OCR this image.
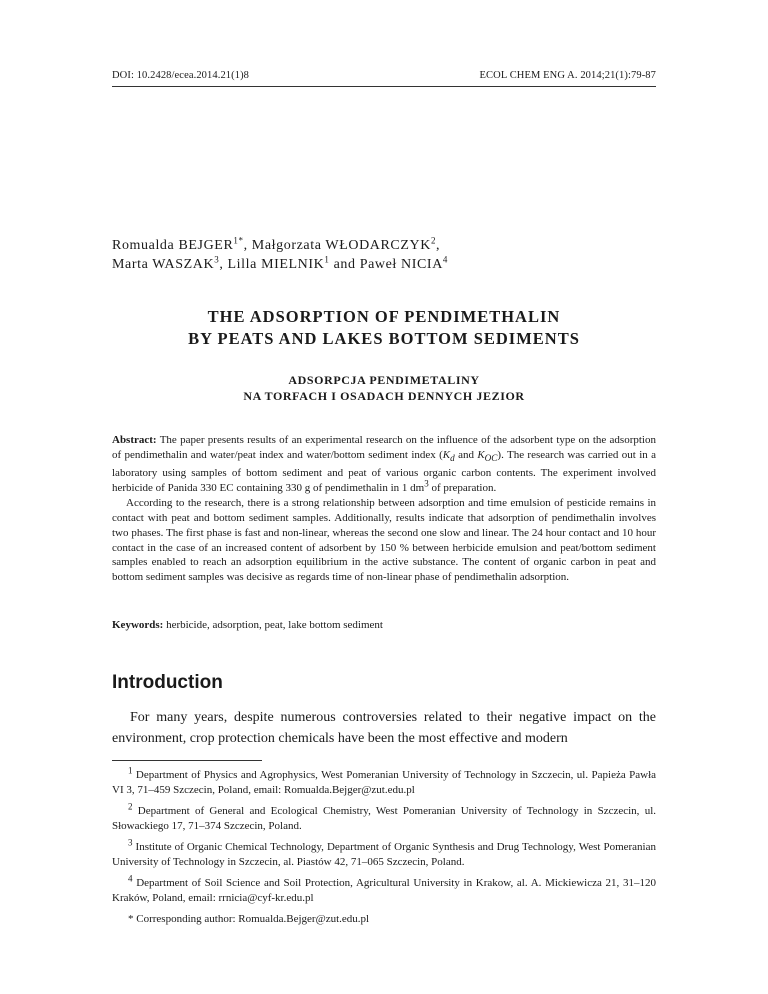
DOI: 10.2428/ecea.2014.21(1)8	ECOL CHEM ENG A. 2014;21(1):79-87
Romualda $BEJGER^{1*}$, Małgorzata WŁODARCZYK$^2$,
Marta WASZAK$^3$, Lilla MIELNIK$^1$ and Paweł NICIA$^4$
THE ADSORPTION OF PENDIMETHALIN
BY PEATS AND LAKES BOTTOM SEDIMENTS
ADSORPCJA PENDIMETALINY
NA TORFACH I OSADACH DENNYCH JEZIOR

Abstract: The paper presents results of an experimental research on the influence of the adsorbent type on the adsorption of pendimethalin and water/peat index and water/bottom sediment index ($K_d$ and $K_{OC}$). The research was carried out in a laboratory using samples of bottom sediment and peat of various organic carbon contents. The experiment involved herbicide of Panida 330 EC containing 330 g of pendimethalin in 1 $dm^3$ of preparation.

According to the research, there is a strong relationship between adsorption and time emulsion of pesticide remains in contact with peat and bottom sediment samples. Additionally, results indicate that adsorption of pendimethalin involves two phases. The first phase is fast and non-linear, whereas the second one slow and linear. The 24 hour contact and 10 hour contact in the case of an increased content of adsorbent by 150 % between herbicide emulsion and peat/bottom sediment samples enabled to reach an adsorption equilibrium in the active substance. The content of organic carbon in peat and bottom sediment samples was decisive as regards time of non-linear phase of pendimethalin adsorption.

Keywords: herbicide, adsorption, peat, lake bottom sediment
Introduction

For many years, despite numerous controversies related to their negative impact on the environment, crop protection chemicals have been the most effective and modern

$^1$ Department of Physics and Agrophysics, West Pomeranian University of Technology in Szczecin, ul. Papieża Pawła VI 3, 71–459 Szczecin, Poland, email: Romualda.Bejger@zut.edu.pl

$^2$ Department of General and Ecological Chemistry, West Pomeranian University of Technology in Szczecin, ul. Słowackiego 17, 71–374 Szczecin, Poland.

$^3$ Institute of Organic Chemical Technology, Department of Organic Synthesis and Drug Technology, West Pomeranian University of Technology in Szczecin, al. Piastów 42, 71–065 Szczecin, Poland.

$^4$ Department of Soil Science and Soil Protection, Agricultural University in Krakow, al. A. Mickiewicza 21, 31–120 Kraków, Poland, email: rrnicia@cyf-kr.edu.pl

* Corresponding author: Romualda.Bejger@zut.edu.pl
